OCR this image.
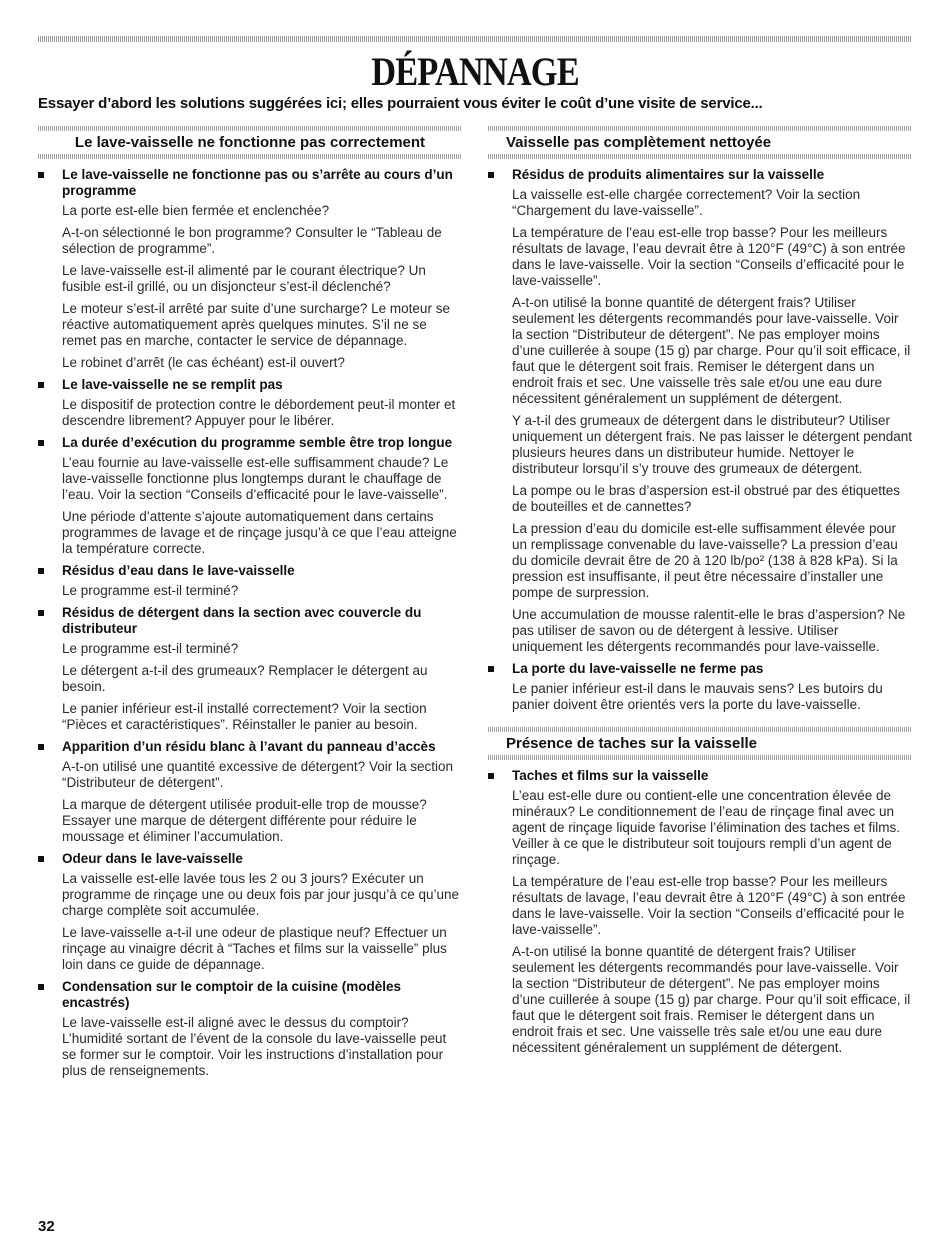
DÉPANNAGE
Essayer d’abord les solutions suggérées ici; elles pourraient vous éviter le coût d’une visite de service...
Le lave-vaisselle ne fonctionne pas correctement
Le lave-vaisselle ne fonctionne pas ou s’arrête au cours d’un programme

La porte est-elle bien fermée et enclenchée?

A-t-on sélectionné le bon programme? Consulter le “Tableau de sélection de programme”.

Le lave-vaisselle est-il alimenté par le courant électrique? Un fusible est-il grillé, ou un disjoncteur s’est-il déclenché?

Le moteur s’est-il arrêté par suite d’une surcharge? Le moteur se réactive automatiquement après quelques minutes. S’il ne se remet pas en marche, contacter le service de dépannage.

Le robinet d’arrêt (le cas échéant) est-il ouvert?

Le lave-vaisselle ne se remplit pas

Le dispositif de protection contre le débordement peut-il monter et descendre librement? Appuyer pour le libérer.

La durée d’exécution du programme semble être trop longue

L’eau fournie au lave-vaisselle est-elle suffisamment chaude? Le lave-vaisselle fonctionne plus longtemps durant le chauffage de l’eau. Voir la section “Conseils d’efficacité pour le lave-vaisselle”.

Une période d’attente s’ajoute automatiquement dans certains programmes de lavage et de rinçage jusqu’à ce que l’eau atteigne la température correcte.

Résidus d’eau dans le lave-vaisselle

Le programme est-il terminé?

Résidus de détergent dans la section avec couvercle du distributeur

Le programme est-il terminé?

Le détergent a-t-il des grumeaux? Remplacer le détergent au besoin.

Le panier inférieur est-il installé correctement? Voir la section “Pièces et caractéristiques”. Réinstaller le panier au besoin.

Apparition d’un résidu blanc à l’avant du panneau d’accès

A-t-on utilisé une quantité excessive de détergent? Voir la section “Distributeur de détergent”.

La marque de détergent utilisée produit-elle trop de mousse? Essayer une marque de détergent différente pour réduire le moussage et éliminer l’accumulation.

Odeur dans le lave-vaisselle

La vaisselle est-elle lavée tous les 2 ou 3 jours? Exécuter un programme de rinçage une ou deux fois par jour jusqu’à ce qu’une charge complète soit accumulée.

Le lave-vaisselle a-t-il une odeur de plastique neuf? Effectuer un rinçage au vinaigre décrit à “Taches et films sur la vaisselle” plus loin dans ce guide de dépannage.

Condensation sur le comptoir de la cuisine (modèles encastrés)

Le lave-vaisselle est-il aligné avec le dessus du comptoir? L’humidité sortant de l’évent de la console du lave-vaisselle peut se former sur le comptoir. Voir les instructions d’installation pour plus de renseignements.

Vaisselle pas complètement nettoyée
Résidus de produits alimentaires sur la vaisselle

La vaisselle est-elle chargée correctement? Voir la section “Chargement du lave-vaisselle”.

La température de l’eau est-elle trop basse? Pour les meilleurs résultats de lavage, l’eau devrait être à 120°F (49°C) à son entrée dans le lave-vaisselle. Voir la section “Conseils d’efficacité pour le lave-vaisselle”.

A-t-on utilisé la bonne quantité de détergent frais? Utiliser seulement les détergents recommandés pour lave-vaisselle. Voir la section “Distributeur de détergent”. Ne pas employer moins d’une cuillerée à soupe (15 g) par charge. Pour qu’il soit efficace, il faut que le détergent soit frais. Remiser le détergent dans un endroit frais et sec. Une vaisselle très sale et/ou une eau dure nécessitent généralement un supplément de détergent.

Y a-t-il des grumeaux de détergent dans le distributeur? Utiliser uniquement un détergent frais. Ne pas laisser le détergent pendant plusieurs heures dans un distributeur humide. Nettoyer le distributeur lorsqu’il s’y trouve des grumeaux de détergent.

La pompe ou le bras d’aspersion est-il obstrué par des étiquettes de bouteilles et de cannettes?

La pression d’eau du domicile est-elle suffisamment élevée pour un remplissage convenable du lave-vaisselle? La pression d’eau du domicile devrait être de 20 à 120 lb/po² (138 à 828 kPa). Si la pression est insuffisante, il peut être nécessaire d’installer une pompe de surpression.

Une accumulation de mousse ralentit-elle le bras d’aspersion? Ne pas utiliser de savon ou de détergent à lessive. Utiliser uniquement les détergents recommandés pour lave-vaisselle.

La porte du lave-vaisselle ne ferme pas

Le panier inférieur est-il dans le mauvais sens? Les butoirs du panier doivent être orientés vers la porte du lave-vaisselle.

Présence de taches sur la vaisselle
Taches et films sur la vaisselle

L’eau est-elle dure ou contient-elle une concentration élevée de minéraux? Le conditionnement de l’eau de rinçage final avec un agent de rinçage liquide favorise l’élimination des taches et films. Veiller à ce que le distributeur soit toujours rempli d’un agent de rinçage.

La température de l’eau est-elle trop basse? Pour les meilleurs résultats de lavage, l’eau devrait être à 120°F (49°C) à son entrée dans le lave-vaisselle. Voir la section “Conseils d’efficacité pour le lave-vaisselle”.

A-t-on utilisé la bonne quantité de détergent frais? Utiliser seulement les détergents recommandés pour lave-vaisselle. Voir la section “Distributeur de détergent”. Ne pas employer moins d’une cuillerée à soupe (15 g) par charge. Pour qu’il soit efficace, il faut que le détergent soit frais. Remiser le détergent dans un endroit frais et sec. Une vaisselle très sale et/ou une eau dure nécessitent généralement un supplément de détergent.

32
